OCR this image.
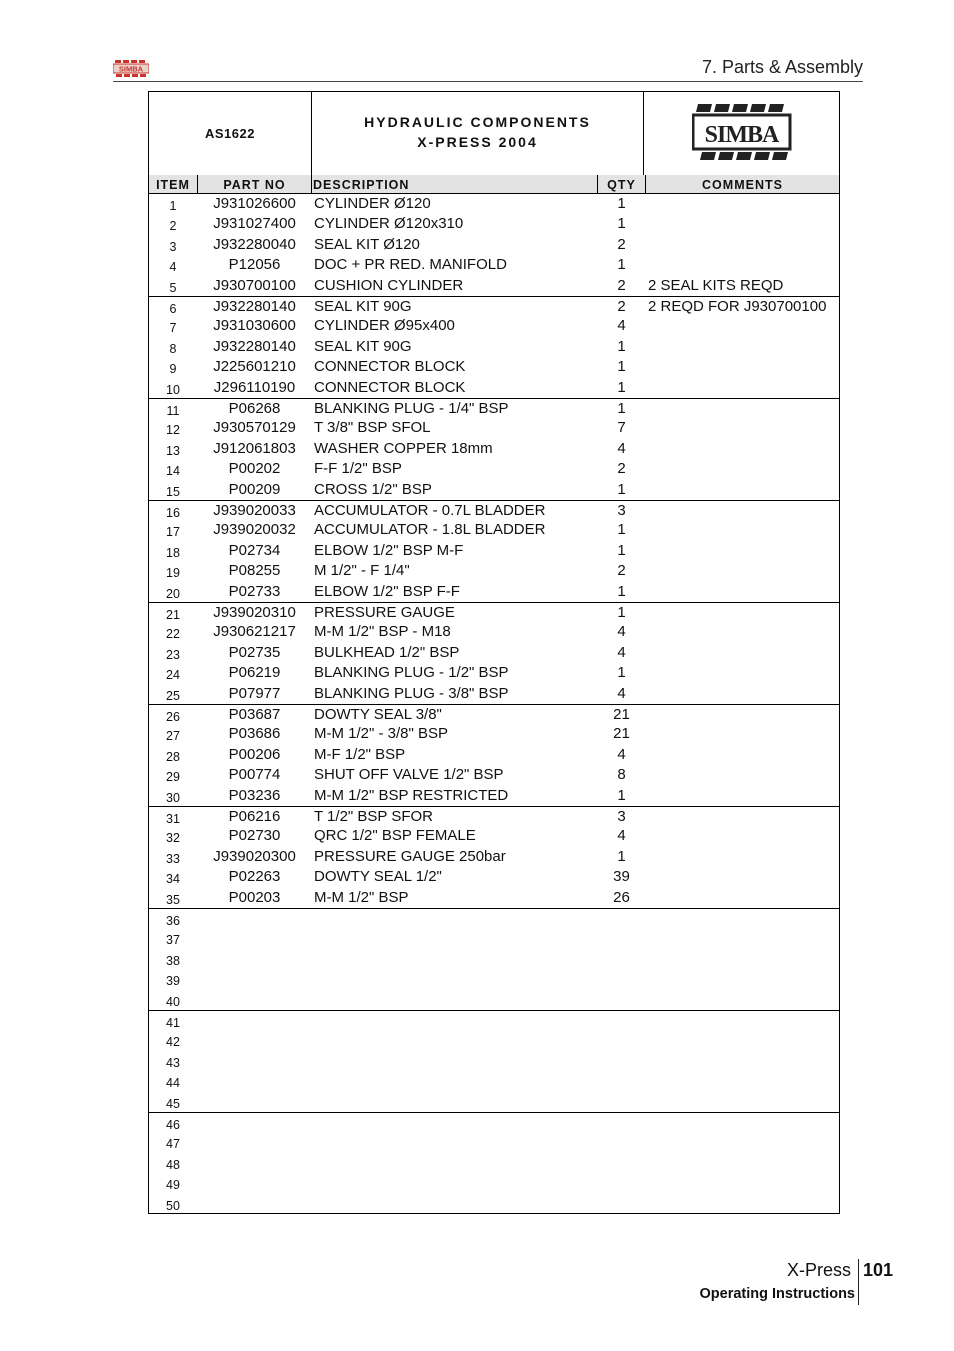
SIMBA	7. Parts & Assembly
AS1622
HYDRAULIC COMPONENTS
X-PRESS 2004	SIMBA
ITEM	PART NO	DESCRIPTION	QTY	COMMENTS
1	J931026600	CYLINDER Ø120	1
2	J931027400	CYLINDER Ø120x310	1
3	J932280040	SEAL KIT Ø120	2
4	P12056	DOC + PR RED. MANIFOLD	1
5	J930700100	CUSHION CYLINDER	2	2 SEAL KITS REQD
6	J932280140	SEAL KIT 90G	2	2 REQD FOR J930700100
7	J931030600	CYLINDER Ø95x400	4
8	J932280140	SEAL KIT 90G	1
9	J225601210	CONNECTOR BLOCK	1
10	J296110190	CONNECTOR BLOCK	1
11	P06268	BLANKING PLUG - 1/4" BSP	1
12	J930570129	T 3/8" BSP SFOL	7
13	J912061803	WASHER COPPER 18mm	4
14	P00202	F-F 1/2" BSP	2
15	P00209	CROSS 1/2" BSP	1
16	J939020033	ACCUMULATOR - 0.7L BLADDER	3
17	J939020032	ACCUMULATOR - 1.8L BLADDER	1
18	P02734	ELBOW 1/2" BSP M-F	1
19	P08255	M 1/2" - F 1/4"	2
20	P02733	ELBOW 1/2" BSP F-F	1
21	J939020310	PRESSURE GAUGE	1
22	J930621217	M-M 1/2" BSP - M18	4
23	P02735	BULKHEAD 1/2" BSP	4
24	P06219	BLANKING PLUG - 1/2" BSP	1
25	P07977	BLANKING PLUG - 3/8" BSP	4
26	P03687	DOWTY SEAL 3/8"	21
27	P03686	M-M 1/2" - 3/8" BSP	21
28	P00206	M-F 1/2" BSP	4
29	P00774	SHUT OFF VALVE 1/2" BSP	8
30	P03236	M-M 1/2" BSP RESTRICTED	1
31	P06216	T 1/2" BSP SFOR	3
32	P02730	QRC 1/2" BSP FEMALE	4
33	J939020300	PRESSURE GAUGE 250bar	1
34	P02263	DOWTY SEAL 1/2"	39
35	P00203	M-M 1/2" BSP	26
36
37
38
39
40
41
42
43
44
45
46
47
48
49
50
X-Press 101
Operating Instructions
